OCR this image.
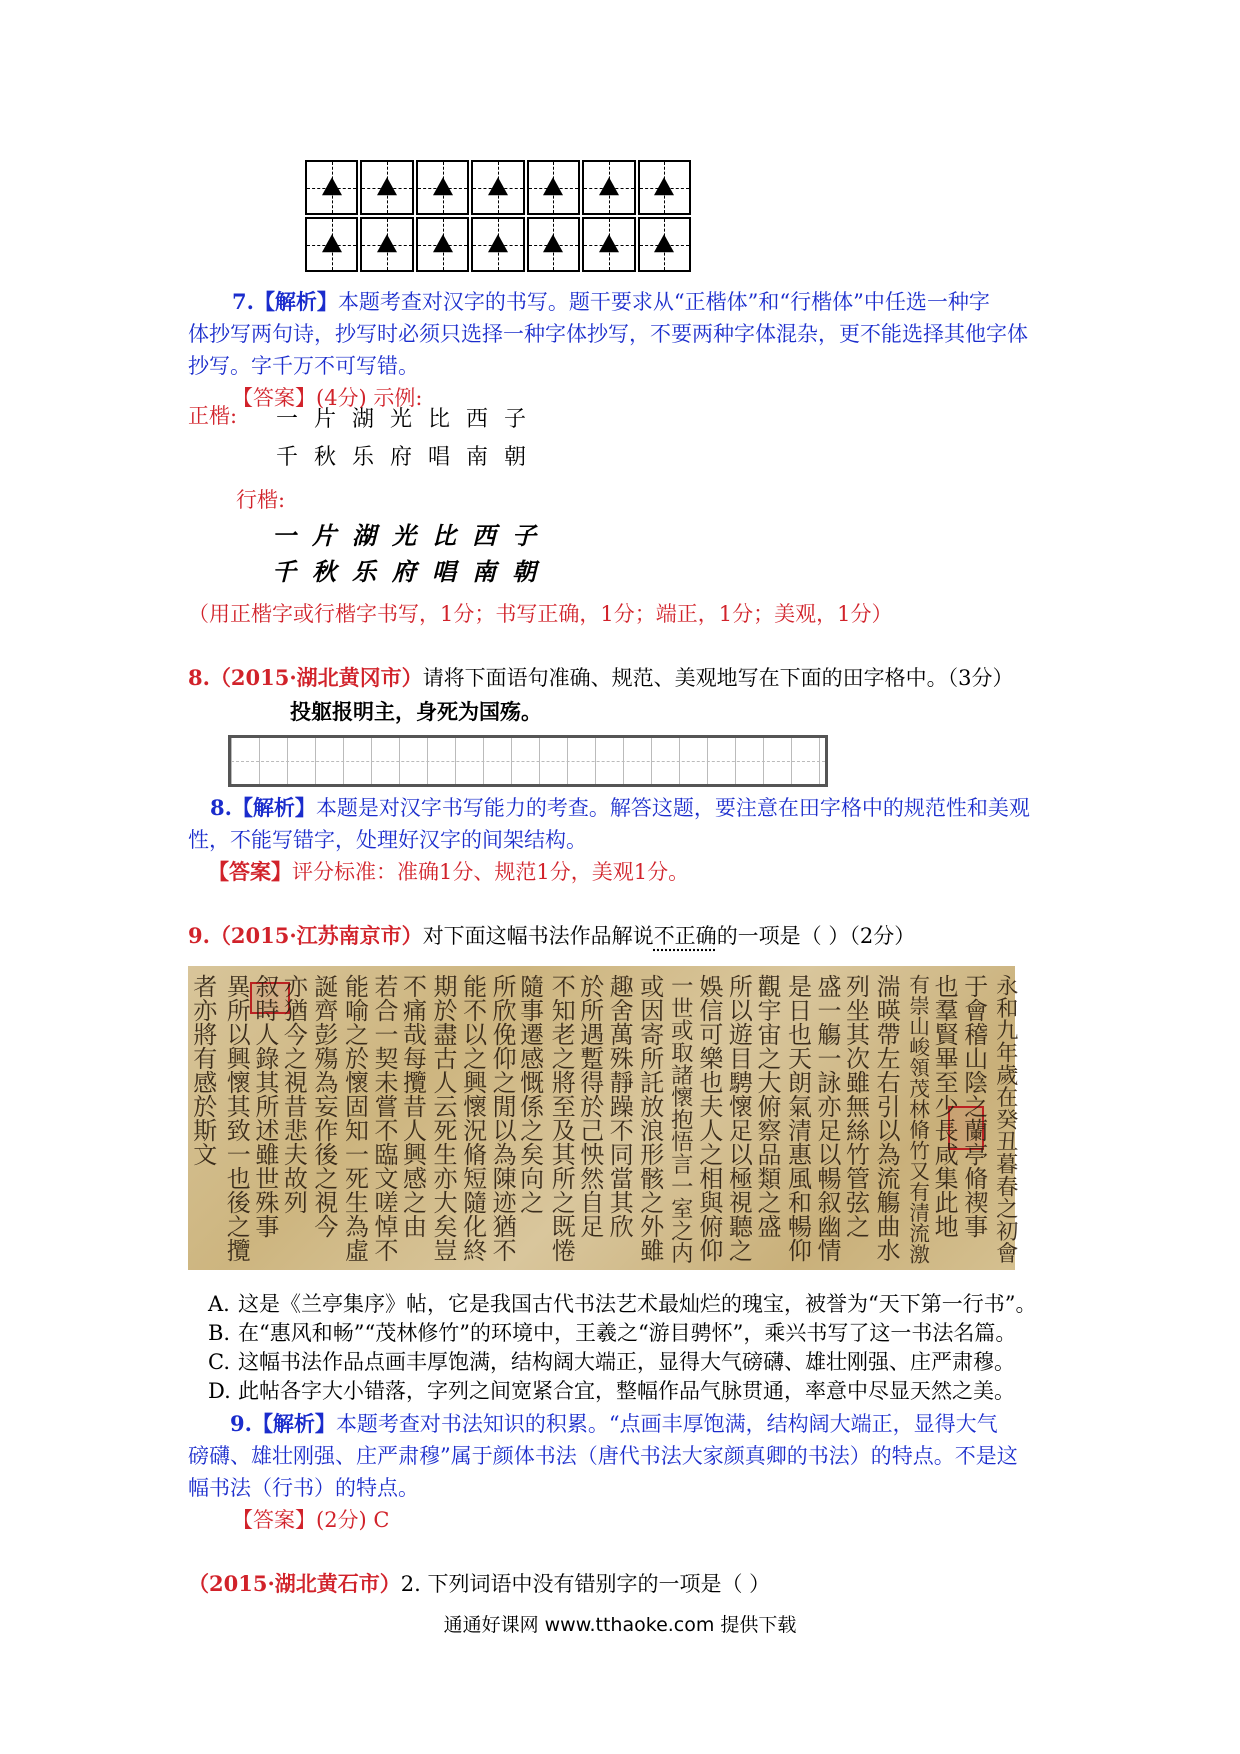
7.【解析】本题考查对汉字的书写。题干要求从“正楷体”和“行楷体”中任选一种字
体抄写两句诗，抄写时必须只选择一种字体抄写，不要两种字体混杂，更不能选择其他字体
抄写。字千万不可写错。
【答案】(4分) 示例:
正楷: 一片湖光比西子
千秋乐府唱南朝
行楷:
一片湖光比西子
千秋乐府唱南朝
（用正楷字或行楷字书写，1分；书写正确，1分；端正，1分；美观，1分）
8.（2015·湖北黄冈市）请将下面语句准确、规范、美观地写在下面的田字格中。（3分）
投躯报明主，身死为国殇。
8.【解析】本题是对汉字书写能力的考查。解答这题，要注意在田字格中的规范性和美观
性，不能写错字，处理好汉字的间架结构。
【答案】评分标准：准确1分、规范1分，美观1分。
9.（2015·江苏南京市）对下面这幅书法作品解说不正确的一项是（ ）（2分）
永和九年歲在癸丑暮春之初會
于會稽山陰之蘭亭脩禊事
也羣賢畢至少長咸集此地
有崇山峻領茂林脩竹又有清流激
湍暎帶左右引以為流觴曲水
列坐其次雖無絲竹管弦之
盛一觴一詠亦足以暢叙幽情
是日也天朗氣清惠風和暢仰
觀宇宙之大俯察品類之盛
所以遊目騁懷足以極視聽之
娛信可樂也夫人之相與俯仰
一世或取諸懷抱悟言一室之内
或因寄所託放浪形骸之外雖
趣舍萬殊靜躁不同當其欣
於所遇蹔得於己怏然自足
不知老之將至及其所之既惓
隨事遷感慨係之矣向之
所欣俛仰之閒以為陳迹猶不
能不以之興懷況脩短隨化終
期於盡古人云死生亦大矣豈
不痛哉每攬昔人興感之由
若合一契未嘗不臨文嗟悼不
能喻之於懷固知一死生為虛
誕齊彭殤為妄作後之視今
亦猶今之視昔悲夫故列
叙時人錄其所述雖世殊事
異所以興懷其致一也後之攬
者亦將有感於斯文
A. 这是《兰亭集序》帖，它是我国古代书法艺术最灿烂的瑰宝，被誉为“天下第一行书”。
B. 在“惠风和畅”“茂林修竹”的环境中，王羲之“游目骋怀”，乘兴书写了这一书法名篇。
C. 这幅书法作品点画丰厚饱满，结构阔大端正，显得大气磅礴、雄壮刚强、庄严肃穆。
D. 此帖各字大小错落，字列之间宽紧合宜，整幅作品气脉贯通，率意中尽显天然之美。
9.【解析】本题考查对书法知识的积累。“点画丰厚饱满，结构阔大端正，显得大气
磅礴、雄壮刚强、庄严肃穆”属于颜体书法（唐代书法大家颜真卿的书法）的特点。不是这
幅书法（行书）的特点。
【答案】(2分) C
（2015·湖北黄石市）2. 下列词语中没有错别字的一项是（ ）
通通好课网 www.tthaoke.com 提供下载
